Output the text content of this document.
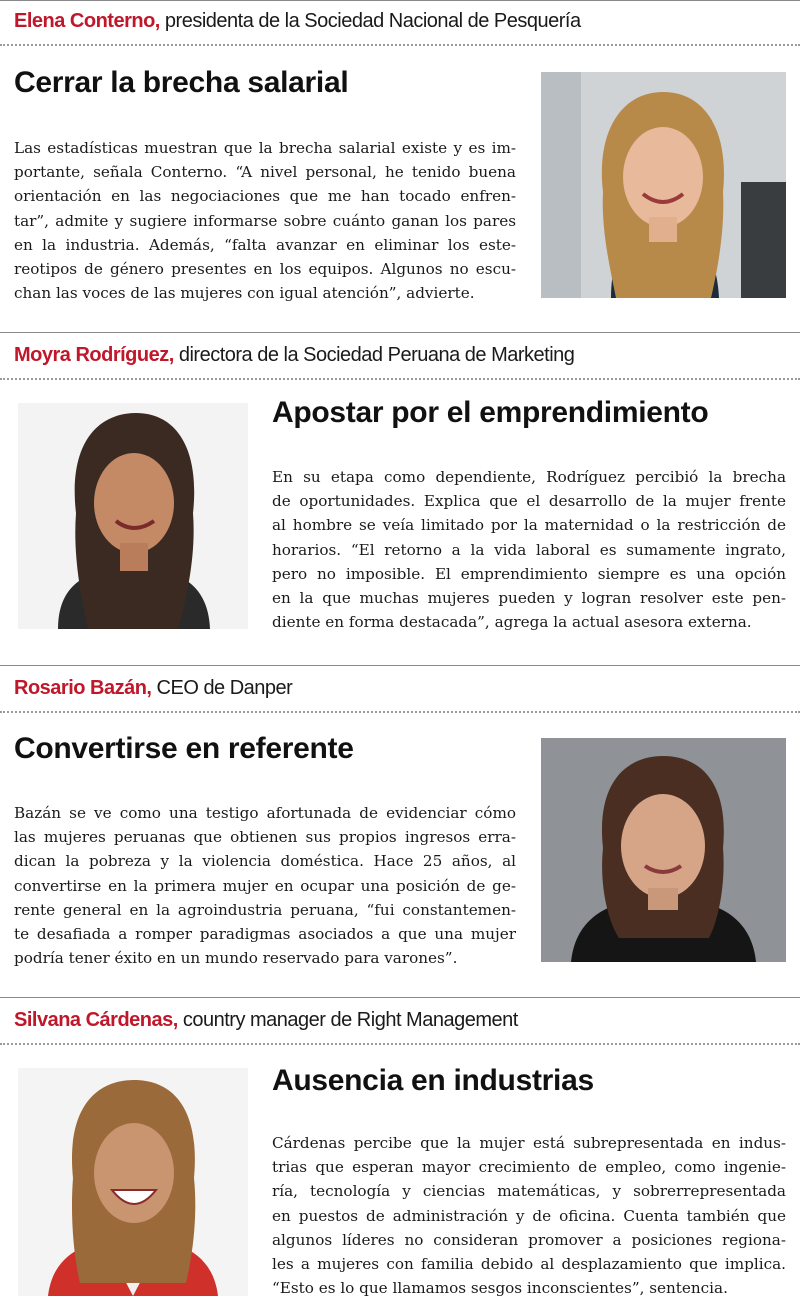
Elena Conterno, presidenta de la Sociedad Nacional de Pesquería
Cerrar la brecha salarial
Las estadísticas muestran que la brecha salarial existe y es im-
portante, señala Conterno. “A nivel personal, he tenido buena
orientación en las negociaciones que me han tocado enfren-
tar”, admite y sugiere informarse sobre cuánto ganan los pares
en la industria. Además, “falta avanzar en eliminar los este-
reotipos de género presentes en los equipos. Algunos no escu-
chan las voces de las mujeres con igual atención”, advierte.
Moyra Rodríguez, directora de la Sociedad Peruana de Marketing
Apostar por el emprendimiento
En su etapa como dependiente, Rodríguez percibió la brecha
de oportunidades. Explica que el desarrollo de la mujer frente
al hombre se veía limitado por la maternidad o la restricción de
horarios. “El retorno a la vida laboral es sumamente ingrato,
pero no imposible. El emprendimiento siempre es una opción
en la que muchas mujeres pueden y logran resolver este pen-
diente en forma destacada”, agrega la actual asesora externa.
Rosario Bazán, CEO de Danper
Convertirse en referente
Bazán se ve como una testigo afortunada de evidenciar cómo
las mujeres peruanas que obtienen sus propios ingresos erra-
dican la pobreza y la violencia doméstica. Hace 25 años, al
convertirse en la primera mujer en ocupar una posición de ge-
rente general en la agroindustria peruana, “fui constantemen-
te desafiada a romper paradigmas asociados a que una mujer
podría tener éxito en un mundo reservado para varones”.
Silvana Cárdenas, country manager de Right Management
Ausencia en industrias
Cárdenas percibe que la mujer está subrepresentada en indus-
trias que esperan mayor crecimiento de empleo, como ingenie-
ría, tecnología y ciencias matemáticas, y sobrerrepresentada
en puestos de administración y de oficina. Cuenta también que
algunos líderes no consideran promover a posiciones regiona-
les a mujeres con familia debido al desplazamiento que implica.
“Esto es lo que llamamos sesgos inconscientes”, sentencia.
